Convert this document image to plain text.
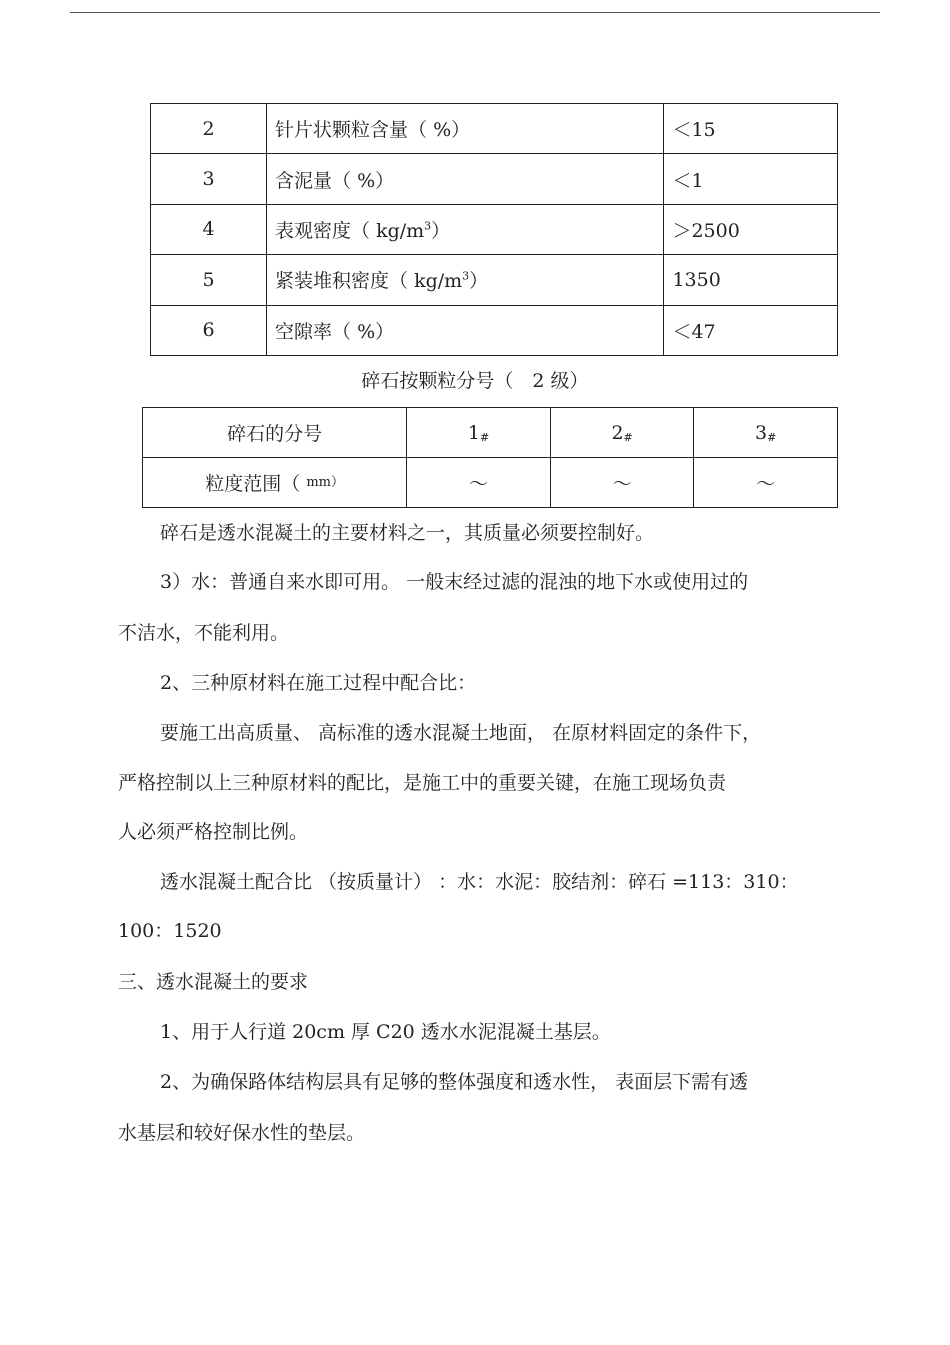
2	针片状颗粒含量（ %）	＜15
3	含泥量（ %）	＜1
4	表观密度（ $kg/m^3$）	＞2500
5	紧装堆积密度（ $kg/m^3$）	1350
6	空隙率（ %）	＜47
碎石按颗粒分号（　2 级）
碎石的分号	1#	2#	3#
粒度范围（ $^{mm)}$	～	～	～
碎石是透水混凝土的主要材料之一，其质量必须要控制好。
3）水：普通自来水即可用。 一般末经过滤的混浊的地下水或使用过的
不洁水，不能利用。
2、三种原材料在施工过程中配合比：
要施工出高质量、 高标准的透水混凝土地面， 在原材料固定的条件下，
严格控制以上三种原材料的配比，是施工中的重要关键，在施工现场负责
人必须严格控制比例。
透水混凝土配合比 （按质量计） ：水：水泥：胶结剂：碎石 =113：310：
100：1520
三、透水混凝土的要求
1、用于人行道 20cm 厚 C20 透水水泥混凝土基层。
2、为确保路体结构层具有足够的整体强度和透水性， 表面层下需有透
水基层和较好保水性的垫层。
